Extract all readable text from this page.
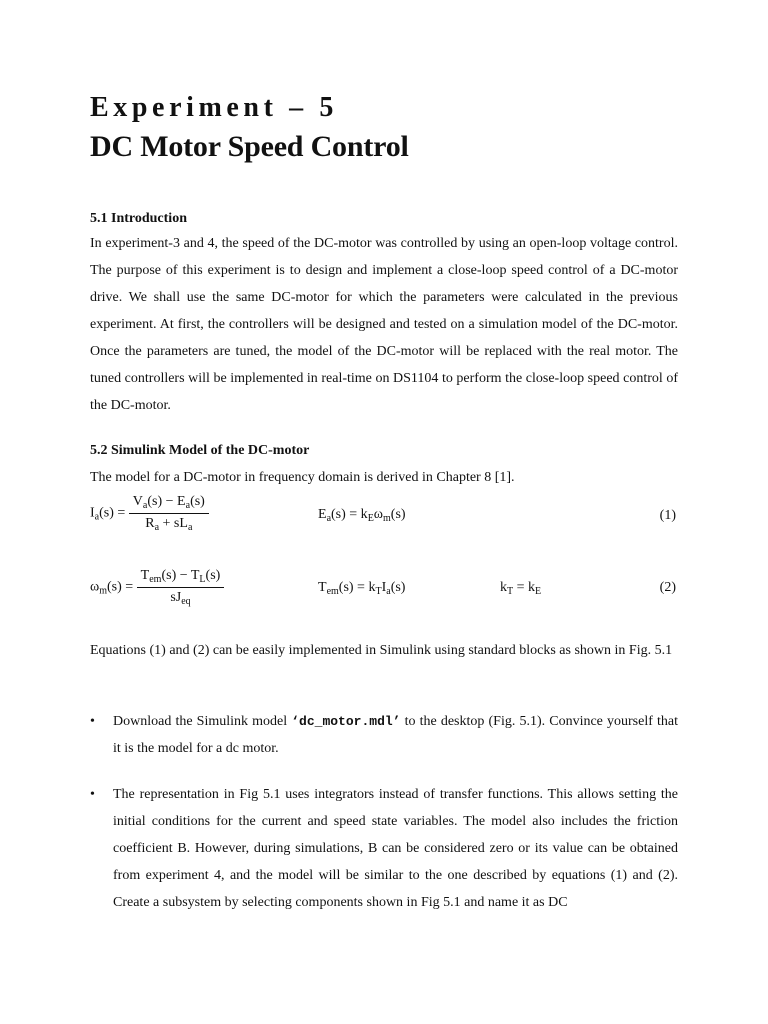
Experiment – 5
DC Motor Speed Control
5.1 Introduction

In experiment-3 and 4, the speed of the DC-motor was controlled by using an open-loop voltage control. The purpose of this experiment is to design and implement a close-loop speed control of a DC-motor drive. We shall use the same DC-motor for which the parameters were calculated in the previous experiment. At first, the controllers will be designed and tested on a simulation model of the DC-motor. Once the parameters are tuned, the model of the DC-motor will be replaced with the real motor. The tuned controllers will be implemented in real-time on DS1104 to perform the close-loop speed control of the DC-motor.

5.2 Simulink Model of the DC-motor

The model for a DC-motor in frequency domain is derived in Chapter 8 [1].

$I_a(s) = \frac{V_a(s) - E_a(s)}{R_a + sL_a}$	$E_a(s) = k_E\omega_m(s)$	(1)
$\omega_m(s) = \frac{T_{em}(s) - T_L(s)}{sJ_{eq}}$	$T_{em}(s) = k_TI_a(s)$	$k_T = k_E$	(2)

Equations (1) and (2) can be easily implemented in Simulink using standard blocks as shown in Fig. 5.1

• Download the Simulink model ‘dc_motor.mdl’ to the desktop (Fig. 5.1). Convince yourself that it is the model for a dc motor.

• The representation in Fig 5.1 uses integrators instead of transfer functions. This allows setting the initial conditions for the current and speed state variables. The model also includes the friction coefficient B. However, during simulations, B can be considered zero or its value can be obtained from experiment 4, and the model will be similar to the one described by equations (1) and (2). Create a subsystem by selecting components shown in Fig 5.1 and name it as DC
